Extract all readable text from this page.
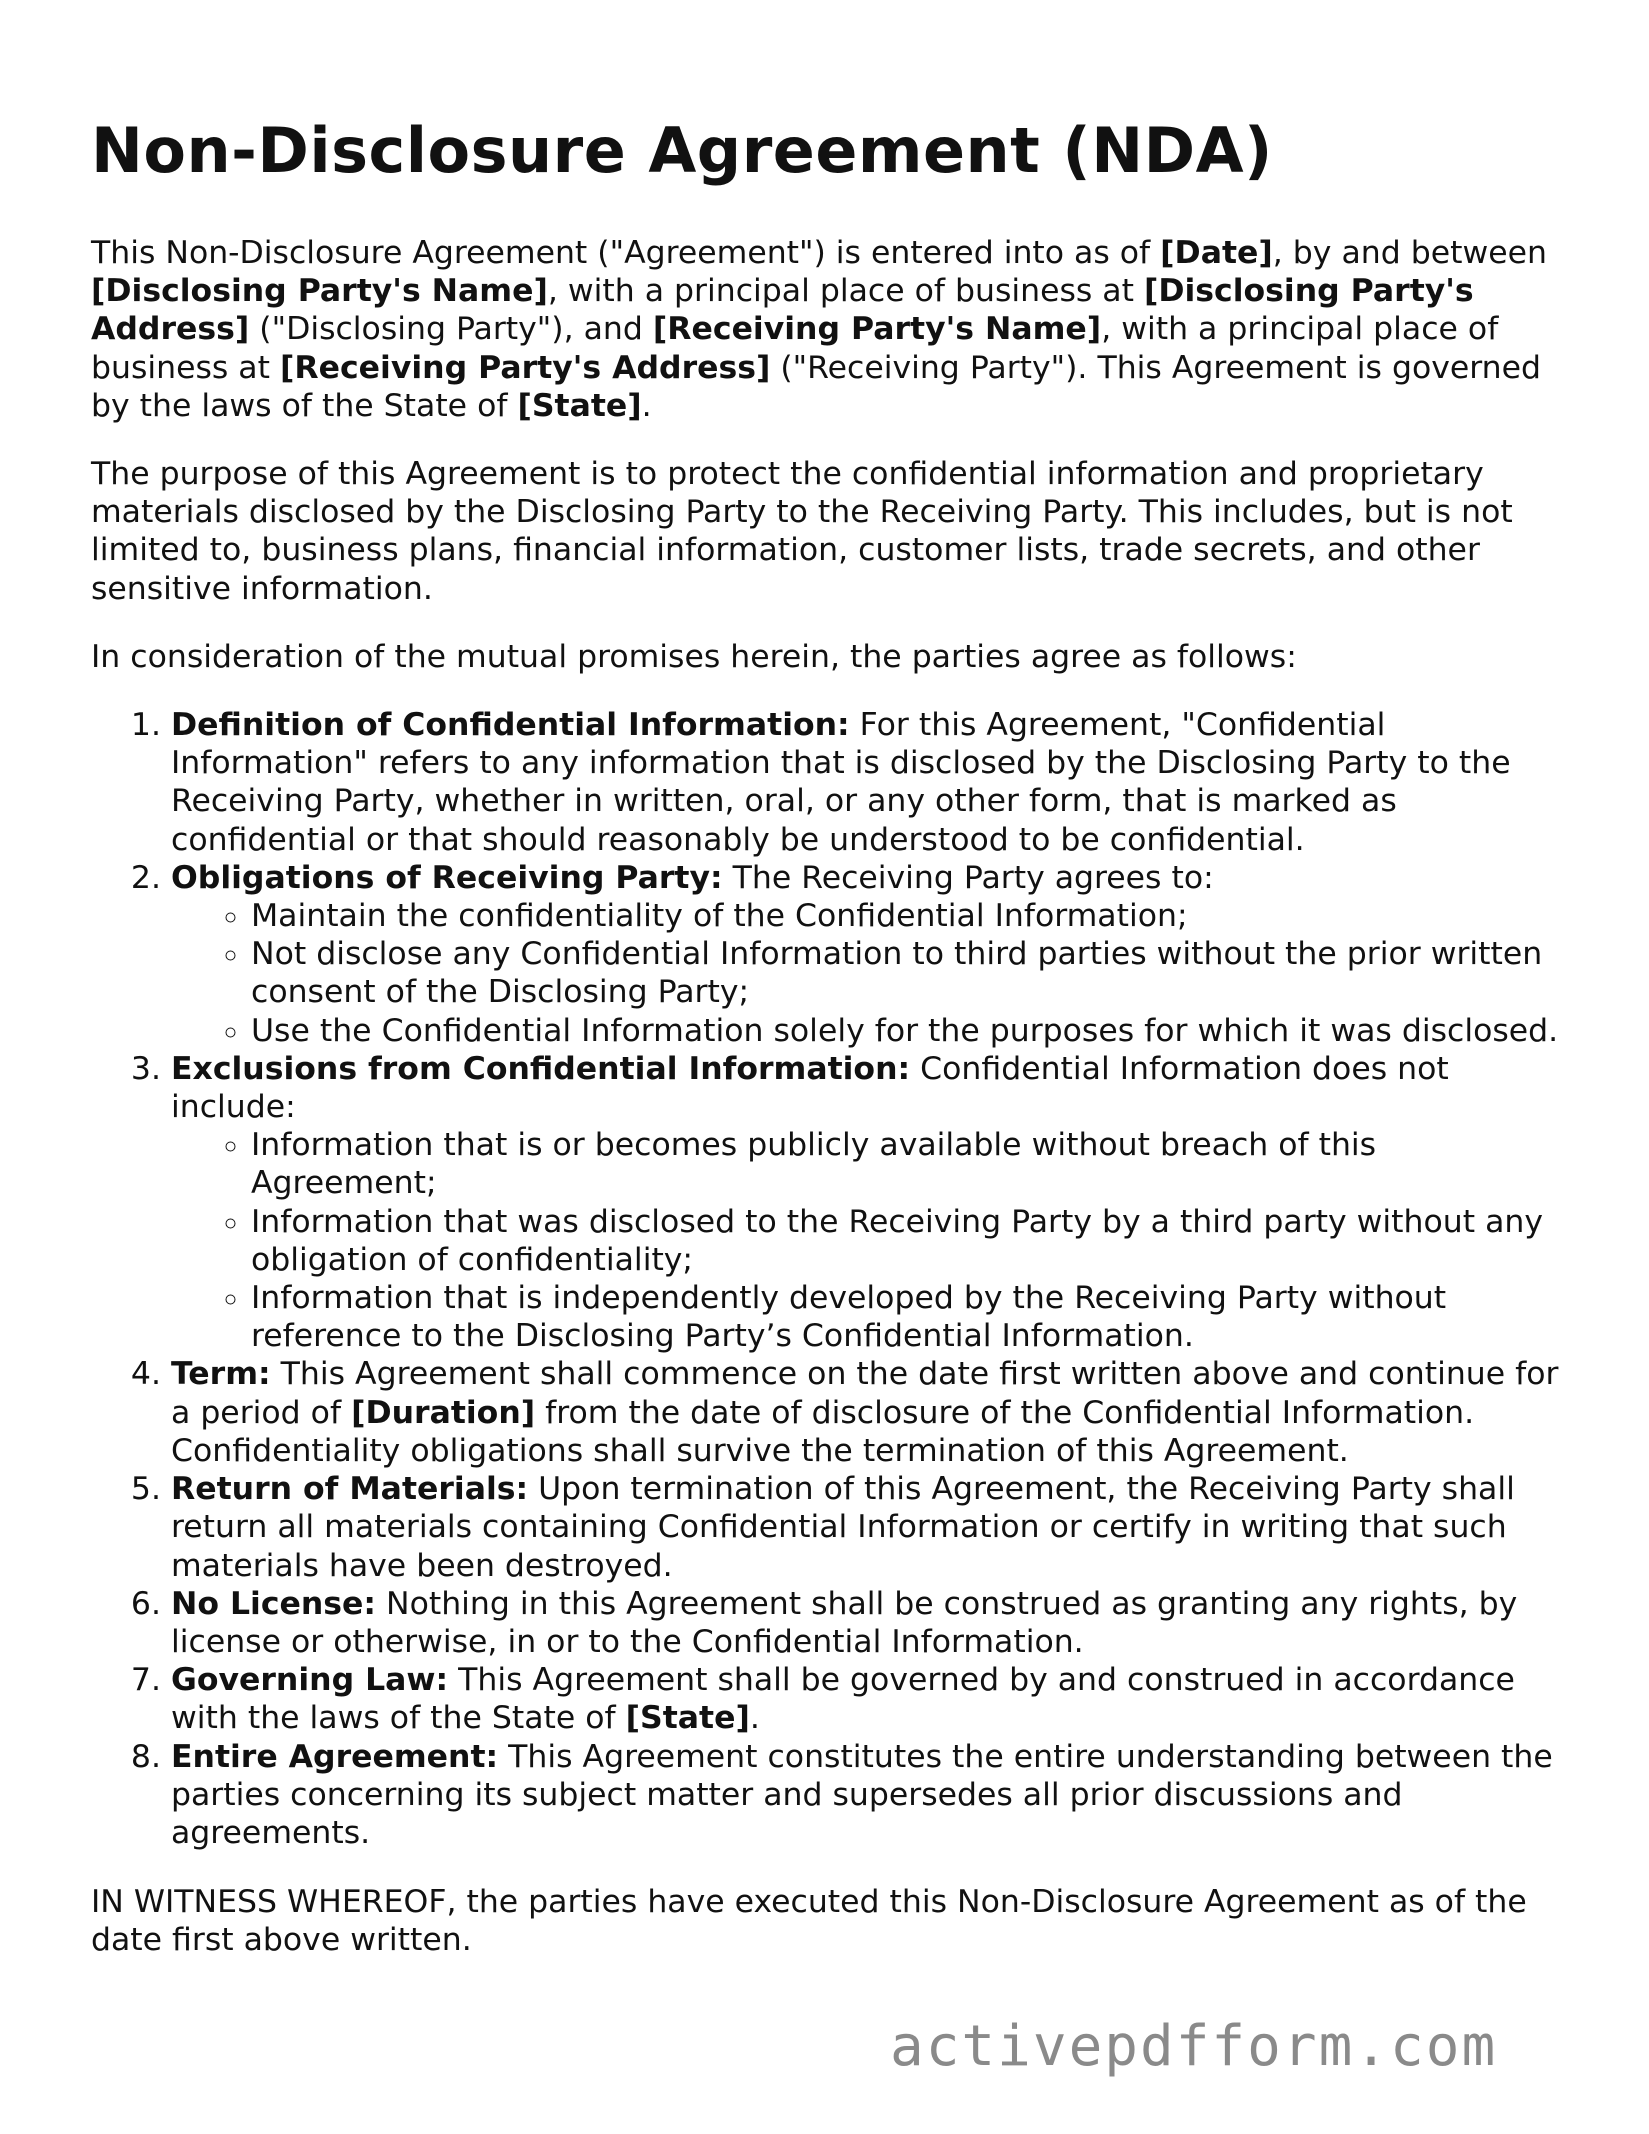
Non-Disclosure Agreement (NDA)

This Non-Disclosure Agreement ("Agreement") is entered into as of [Date], by and between [Disclosing Party's Name], with a principal place of business at [Disclosing Party's Address] ("Disclosing Party"), and [Receiving Party's Name], with a principal place of business at [Receiving Party's Address] ("Receiving Party"). This Agreement is governed by the laws of the State of [State].

The purpose of this Agreement is to protect the confidential information and proprietary materials disclosed by the Disclosing Party to the Receiving Party. This includes, but is not limited to, business plans, financial information, customer lists, trade secrets, and other sensitive information.

In consideration of the mutual promises herein, the parties agree as follows:

1. Definition of Confidential Information: For this Agreement, "Confidential Information" refers to any information that is disclosed by the Disclosing Party to the Receiving Party, whether in written, oral, or any other form, that is marked as confidential or that should reasonably be understood to be confidential.
2. Obligations of Receiving Party: The Receiving Party agrees to:
◦ Maintain the confidentiality of the Confidential Information;
◦ Not disclose any Confidential Information to third parties without the prior written consent of the Disclosing Party;
◦ Use the Confidential Information solely for the purposes for which it was disclosed.
3. Exclusions from Confidential Information: Confidential Information does not include:
◦ Information that is or becomes publicly available without breach of this Agreement;
◦ Information that was disclosed to the Receiving Party by a third party without any obligation of confidentiality;
◦ Information that is independently developed by the Receiving Party without reference to the Disclosing Party’s Confidential Information.
4. Term: This Agreement shall commence on the date first written above and continue for a period of [Duration] from the date of disclosure of the Confidential Information. Confidentiality obligations shall survive the termination of this Agreement.
5. Return of Materials: Upon termination of this Agreement, the Receiving Party shall return all materials containing Confidential Information or certify in writing that such materials have been destroyed.
6. No License: Nothing in this Agreement shall be construed as granting any rights, by license or otherwise, in or to the Confidential Information.
7. Governing Law: This Agreement shall be governed by and construed in accordance with the laws of the State of [State].
8. Entire Agreement: This Agreement constitutes the entire understanding between the parties concerning its subject matter and supersedes all prior discussions and agreements.

IN WITNESS WHEREOF, the parties have executed this Non-Disclosure Agreement as of the date first above written.

activepdfform.com
